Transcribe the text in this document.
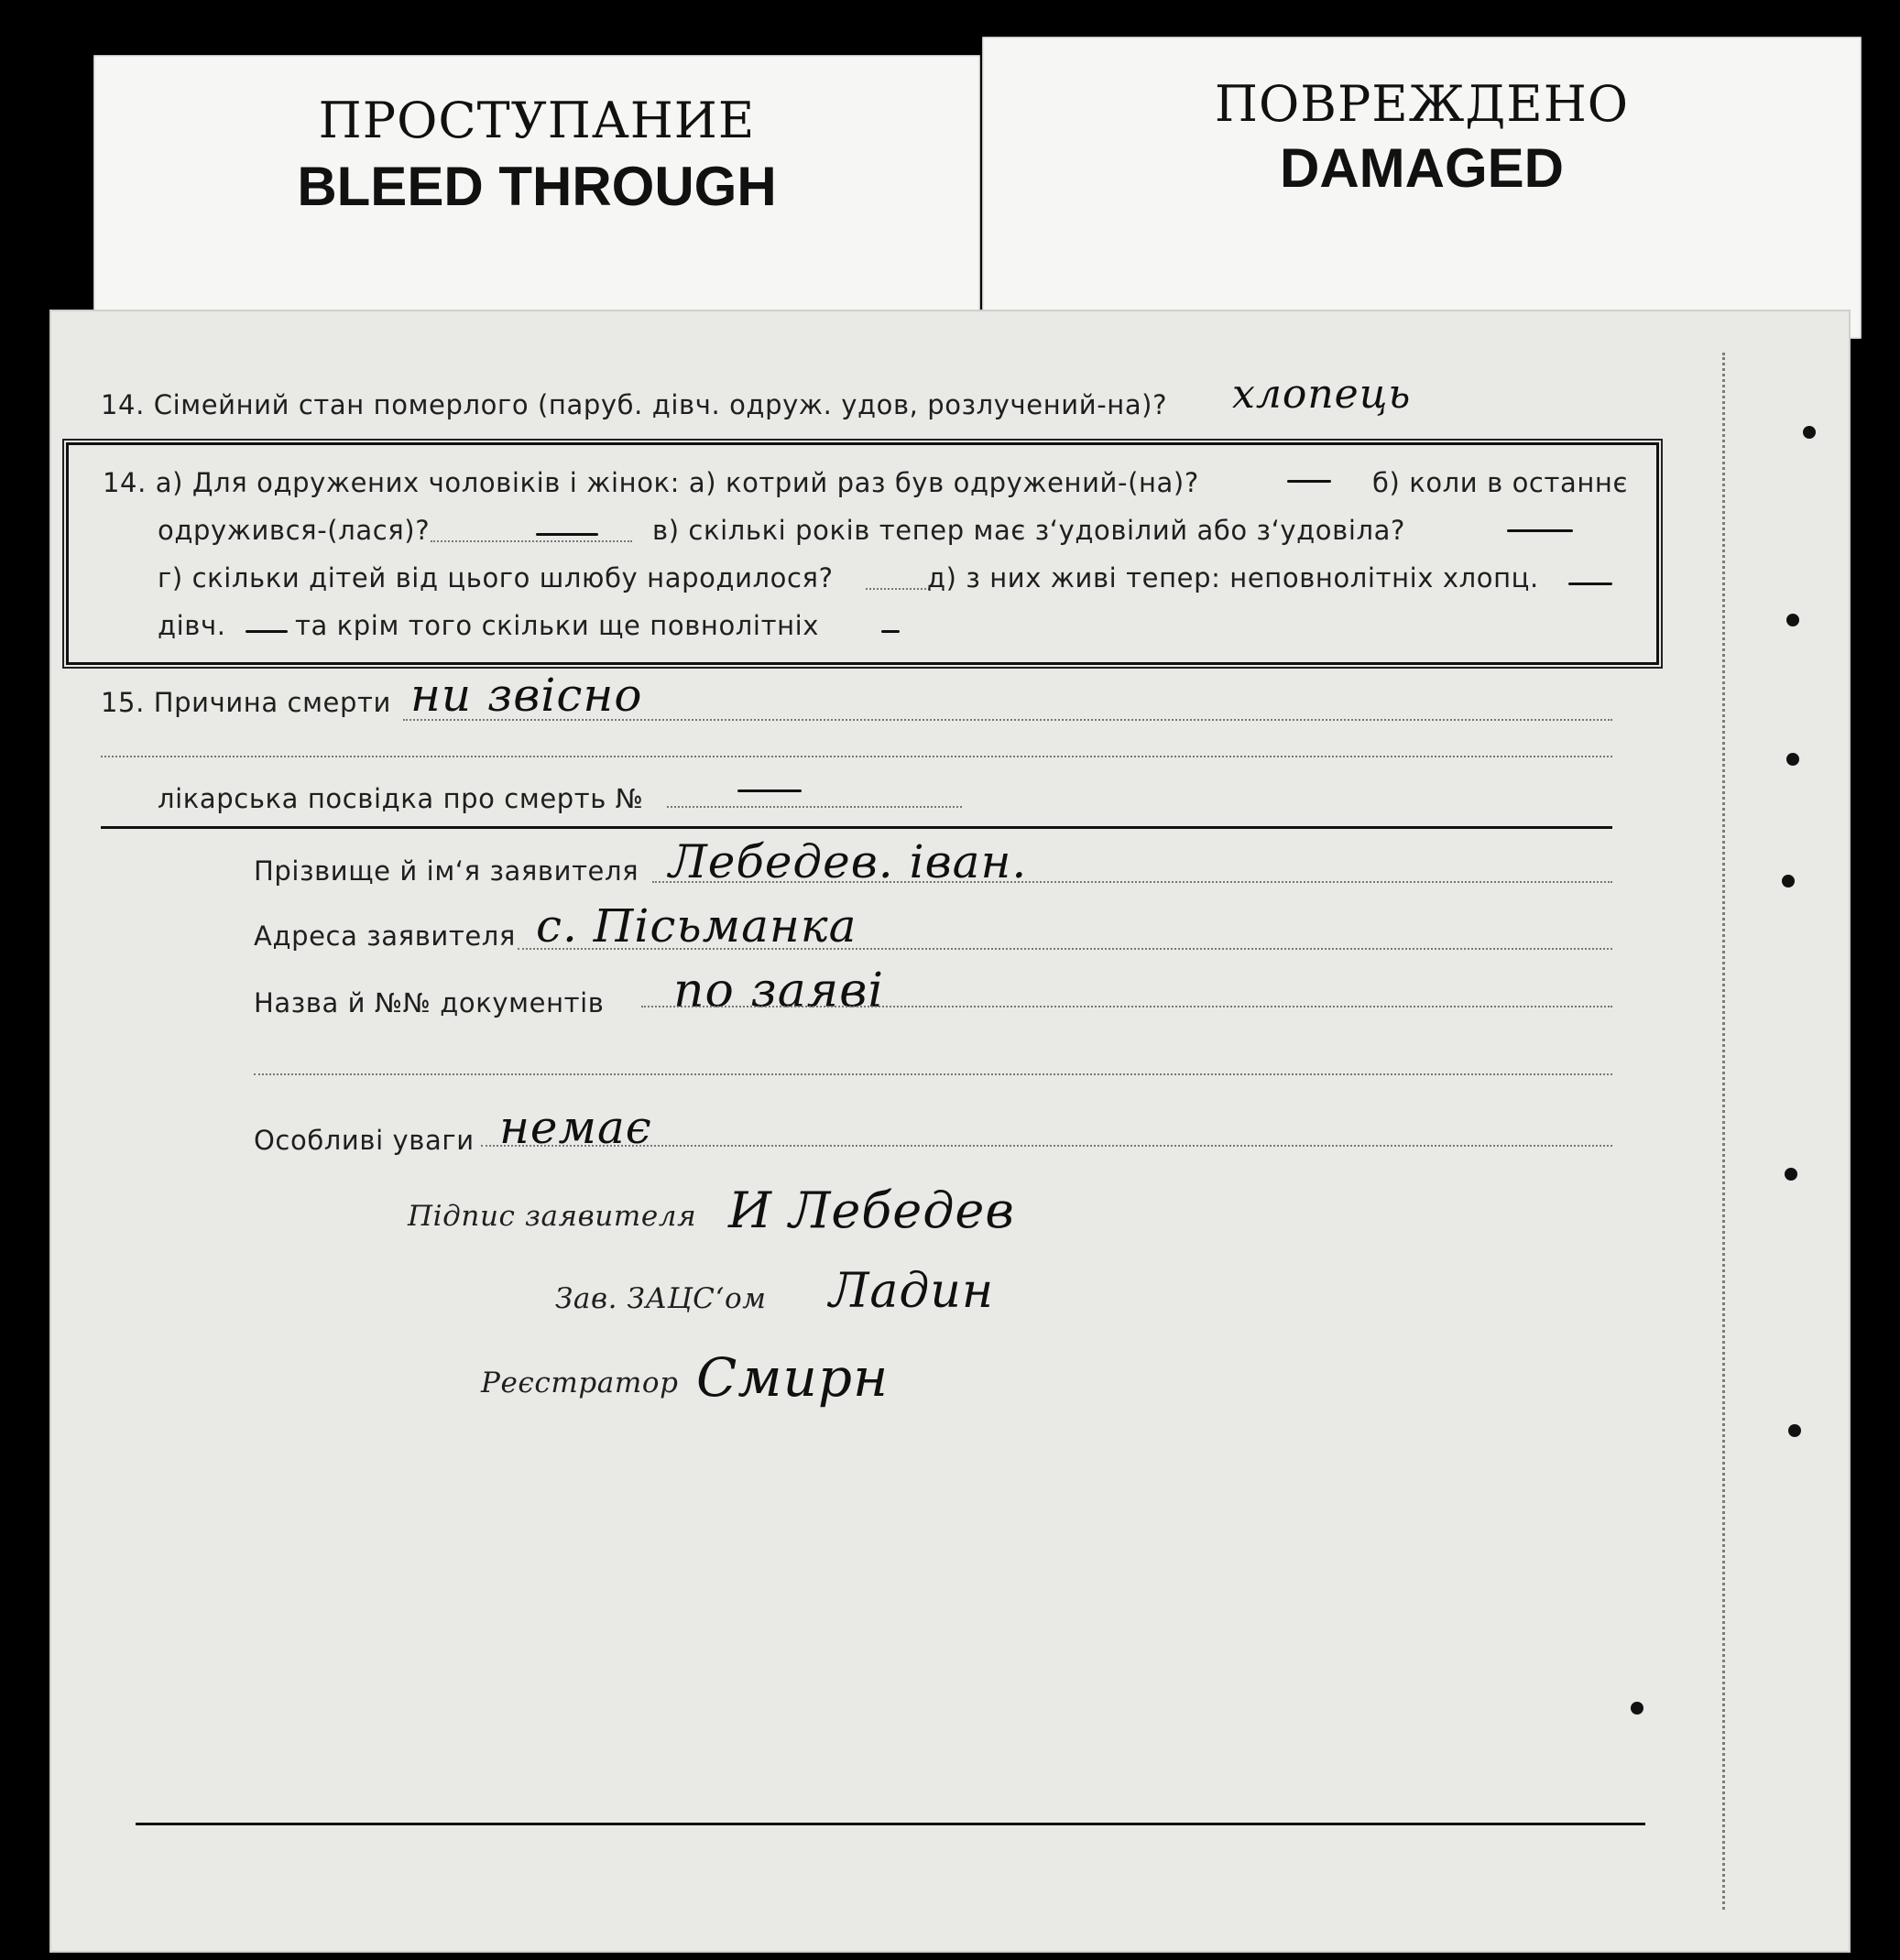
ПРОСТУПАНИЕ
BLEED THROUGH
ПОВРЕЖДЕНО
DAMAGED
14. Сімейний стан померлого (паруб. дівч. одруж. удов, розлучений-на)? хлопець
14. а) Для одружених чоловіків і жінок: а) котрий раз був одружений-(на)?	б) коли в останнє
одружився-(лася)?	в) скількі років тепер має з‘удовілий або з‘удовіла?
г) скільки дітей від цього шлюбу народилося?	д) з них живі тепер: неповнолітніх хлопц.
дівч.	та крім того скільки ще повнолітніх
15. Причина смерти ни звісно
лікарська посвідка про смерть №
Прізвище й ім‘я заявителя Лебедев. іван.
Адреса заявителя с. Пісьманка
Назва й №№ документів по заяві
Особливі уваги немає
Підпис заявителя И Лебедев
Зав. ЗАЦС‘ом Ладин
Реєстратор Смирн
